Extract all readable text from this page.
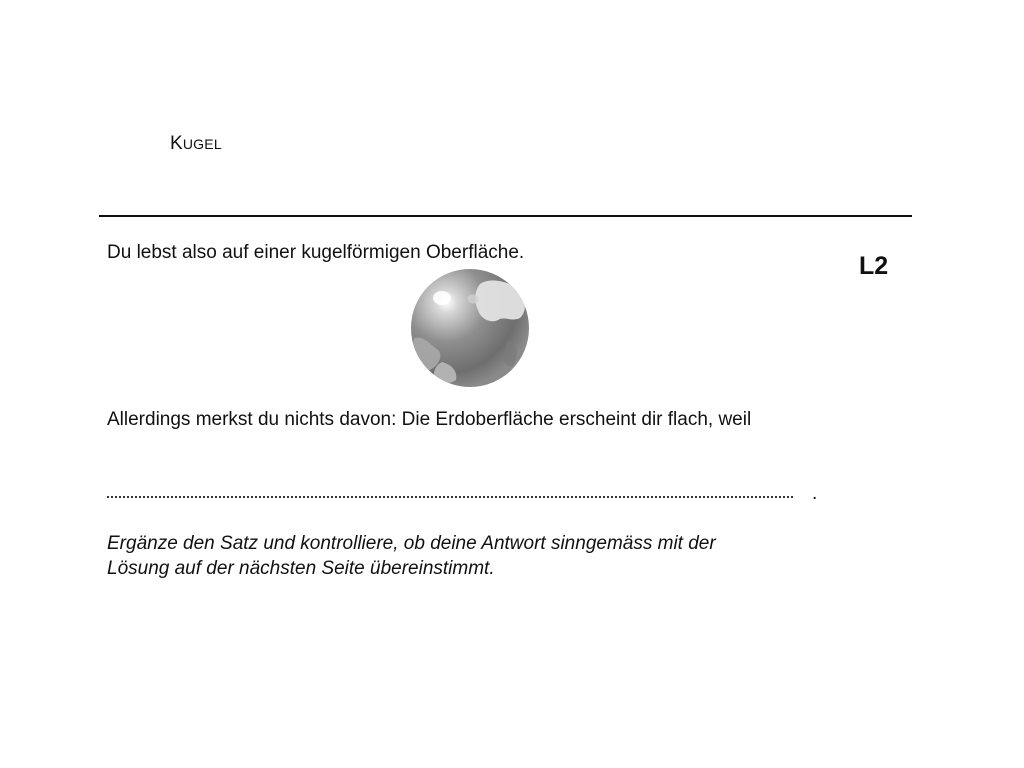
KUGEL
Du lebst also auf einer kugelförmigen Oberfläche.	L2
Allerdings merkst du nichts davon: Die Erdoberfläche erscheint dir flach, weil
.
Ergänze den Satz und kontrolliere, ob deine Antwort sinngemäss mit der
Lösung auf der nächsten Seite übereinstimmt.
